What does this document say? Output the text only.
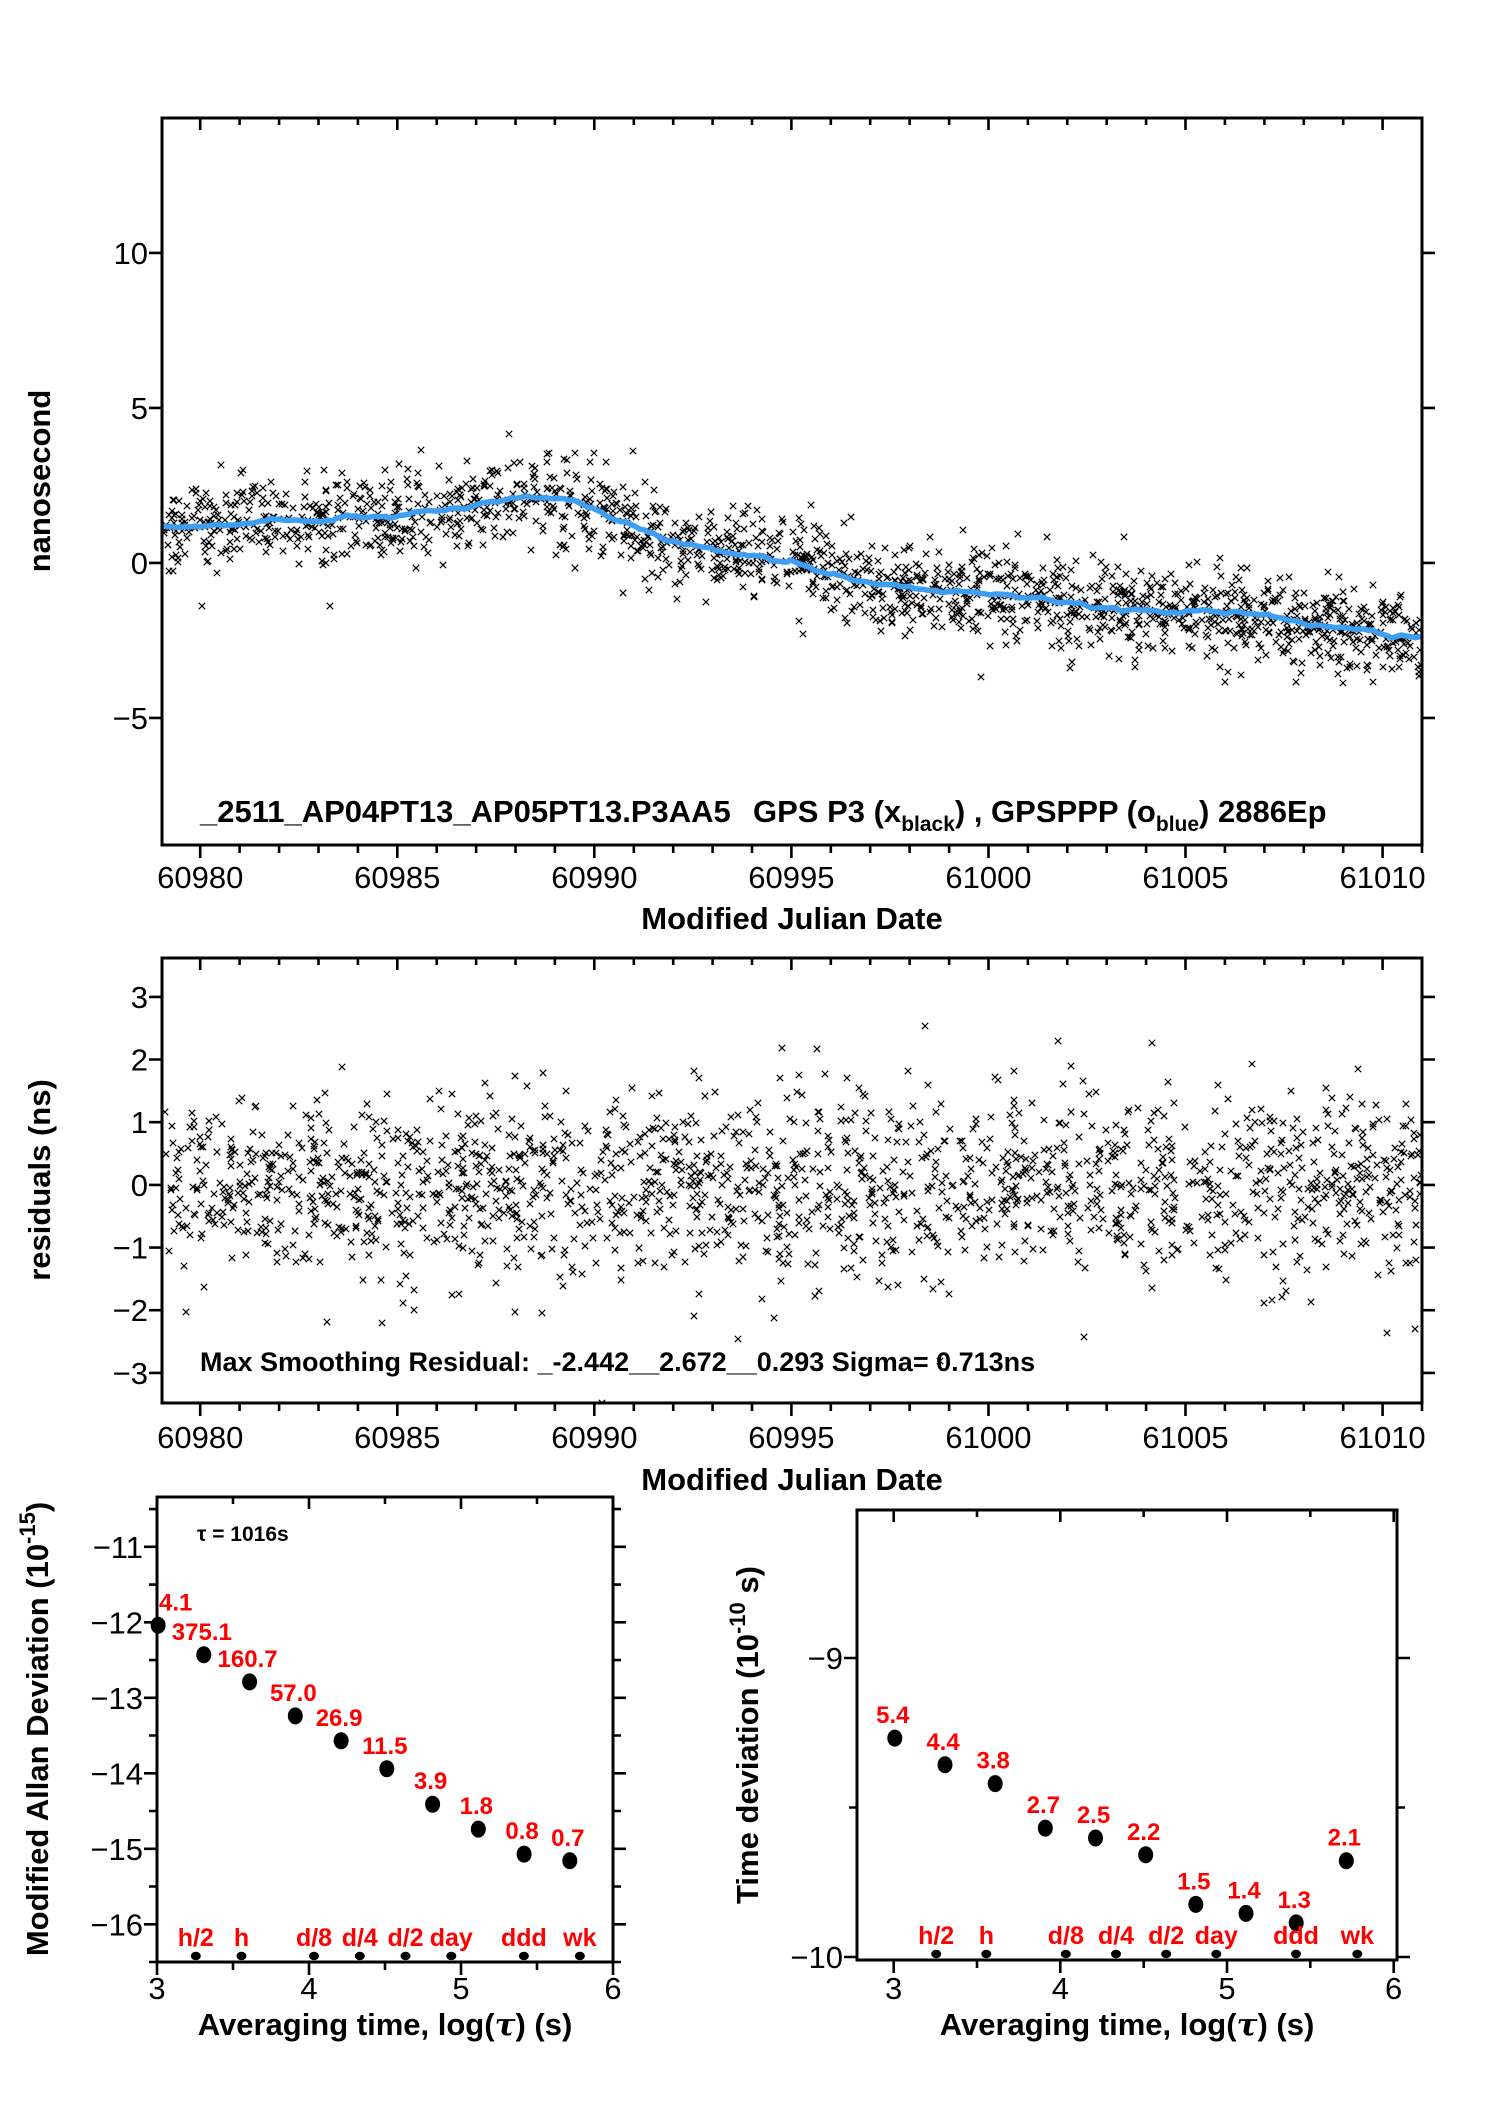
60980	60985	60990	60995	61000	61005	61010
−5
0
5
10
_2511_AP04PT13_AP05PT13.P3AA5 GPS P3 $(x_{black})$ , GPSPPP $(o_{blue})$ 2886Ep
Modified Julian Date
nanosecond
60980	60985	60990	60995	61000	61005	61010
−3
−2
−1
0
1
2
3
Max Smoothing Residual: _-2.442__2.672__0.293 Sigma= 0.713ns
Modified Julian Date
residuals (ns)
3	4	5	6
−11
−12
−13
−14
−15
−16
4.1
375.1
160.7
57.0
26.9
11.5
3.9
1.8
0.8 0.7
h/2 h d/8 d/4 d/2 day ddd wk
Averaging time, log(τ) (s)
Modified Allan Deviation $(10^{-15})$
τ = 1016s
3	4	5	6
−9
−10
5.4
4.4
3.8
2.7 2.5
2.2
1.5 1.4 1.3
2.1
h/2 h d/8 d/4 d/2 day ddd wk
Averaging time, log(τ) (s)
Time deviation ($10^{-10}$ s)
